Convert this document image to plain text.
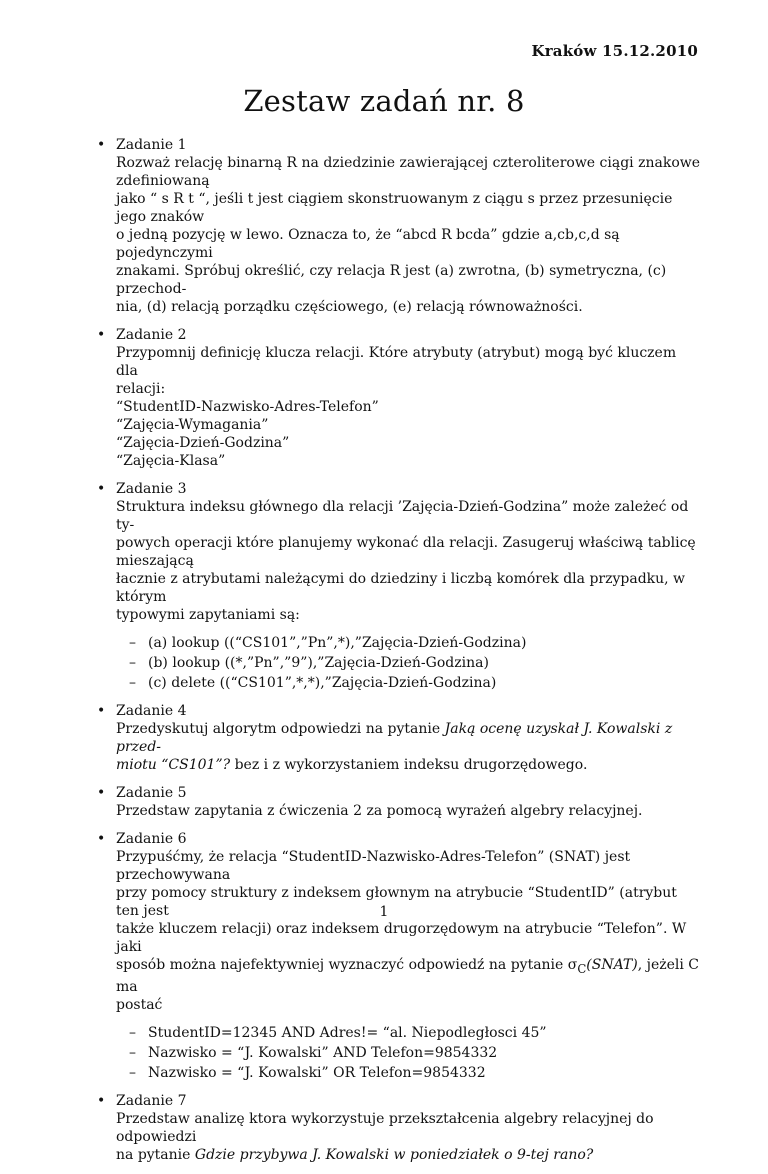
Kraków 15.12.2010
Zestaw zadań nr. 8
• Zadanie 1
Rozważ relację binarną R na dziedzinie zawierającej czteroliterowe ciągi znakowe zdefiniowaną
jako “ s R t “, jeśli t jest ciągiem skonstruowanym z ciągu s przez przesunięcie jego znaków
o jedną pozycję w lewo. Oznacza to, że “abcd R bcda” gdzie a,cb,c,d są pojedynczymi
znakami. Spróbuj określić, czy relacja R jest (a) zwrotna, (b) symetryczna, (c) przechod-
nia, (d) relacją porządku częściowego, (e) relacją równoważności.
• Zadanie 2
Przypomnij definicję klucza relacji. Które atrybuty (atrybut) mogą być kluczem dla
relacji:
“StudentID-Nazwisko-Adres-Telefon”
“Zajęcia-Wymagania”
“Zajęcia-Dzień-Godzina”
“Zajęcia-Klasa”
• Zadanie 3
Struktura indeksu głównego dla relacji ’Zajęcia-Dzień-Godzina” może zależeć od ty-
powych operacji które planujemy wykonać dla relacji. Zasugeruj właściwą tablicę mieszającą
łacznie z atrybutami należącymi do dziedziny i liczbą komórek dla przypadku, w którym
typowymi zapytaniami są:
– (a) lookup ((“CS101”,”Pn”,*),”Zajęcia-Dzień-Godzina)
– (b) lookup ((*,”Pn”,”9”),”Zajęcia-Dzień-Godzina)
– (c) delete ((“CS101”,*,*),”Zajęcia-Dzień-Godzina)
• Zadanie 4
Przedyskutuj algorytm odpowiedzi na pytanie Jaką ocenę uzyskał J. Kowalski z przed-
miotu “CS101”? bez i z wykorzystaniem indeksu drugorzędowego.
• Zadanie 5
Przedstaw zapytania z ćwiczenia 2 za pomocą wyrażeń algebry relacyjnej.
• Zadanie 6
Przypuśćmy, że relacja “StudentID-Nazwisko-Adres-Telefon” (SNAT) jest przechowywana
przy pomocy struktury z indeksem głownym na atrybucie “StudentID” (atrybut ten jest
także kluczem relacji) oraz indeksem drugorzędowym na atrybucie “Telefon”. W jaki
sposób można najefektywniej wyznaczyć odpowiedź na pytanie $\sigma_C(SNAT)$, jeżeli C ma
postać
– StudentID=12345 AND Adres!= “al. Niepodległosci 45”
– Nazwisko = “J. Kowalski” AND Telefon=9854332
– Nazwisko = “J. Kowalski” OR Telefon=9854332
• Zadanie 7
Przedstaw analizę ktora wykorzystuje przekształcenia algebry relacyjnej do odpowiedzi
na pytanie Gdzie przybywa J. Kowalski w poniedziałek o 9-tej rano?
1
